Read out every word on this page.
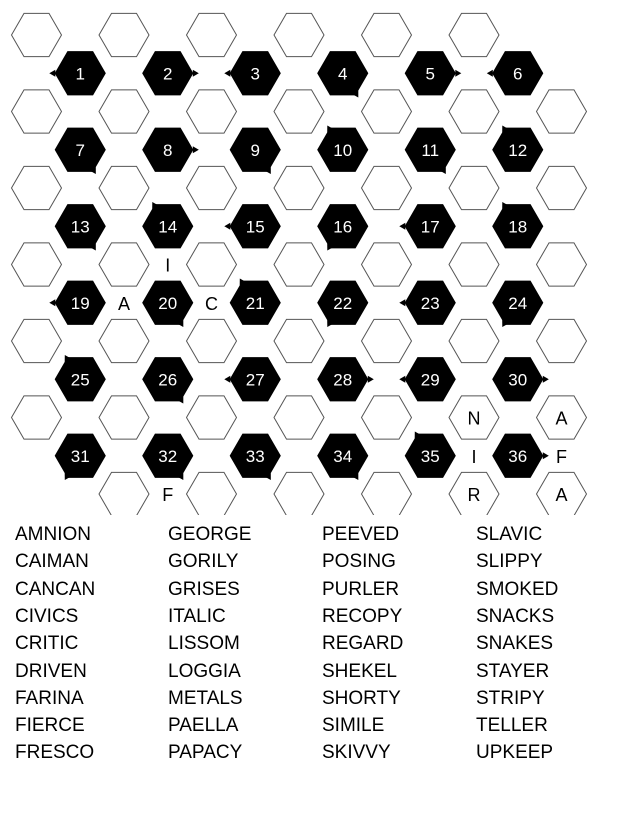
1	2	3	4	5	6
7	8	9	10	11	12
13	14	15	16	17	18
19	20	21	22	23	24
25	26	27	28	29	30
31	32	33	34	35	36
I
A	C
N	A
I	F
F	R	A
AMNION
CAIMAN
CANCAN
CIVICS
CRITIC
DRIVEN
FARINA
FIERCE
FRESCO
GEORGE
GORILY
GRISES
ITALIC
LISSOM
LOGGIA
METALS
PAELLA
PAPACY
PEEVED
POSING
PURLER
RECOPY
REGARD
SHEKEL
SHORTY
SIMILE
SKIVVY
SLAVIC
SLIPPY
SMOKED
SNACKS
SNAKES
STAYER
STRIPY
TELLER
UPKEEP
